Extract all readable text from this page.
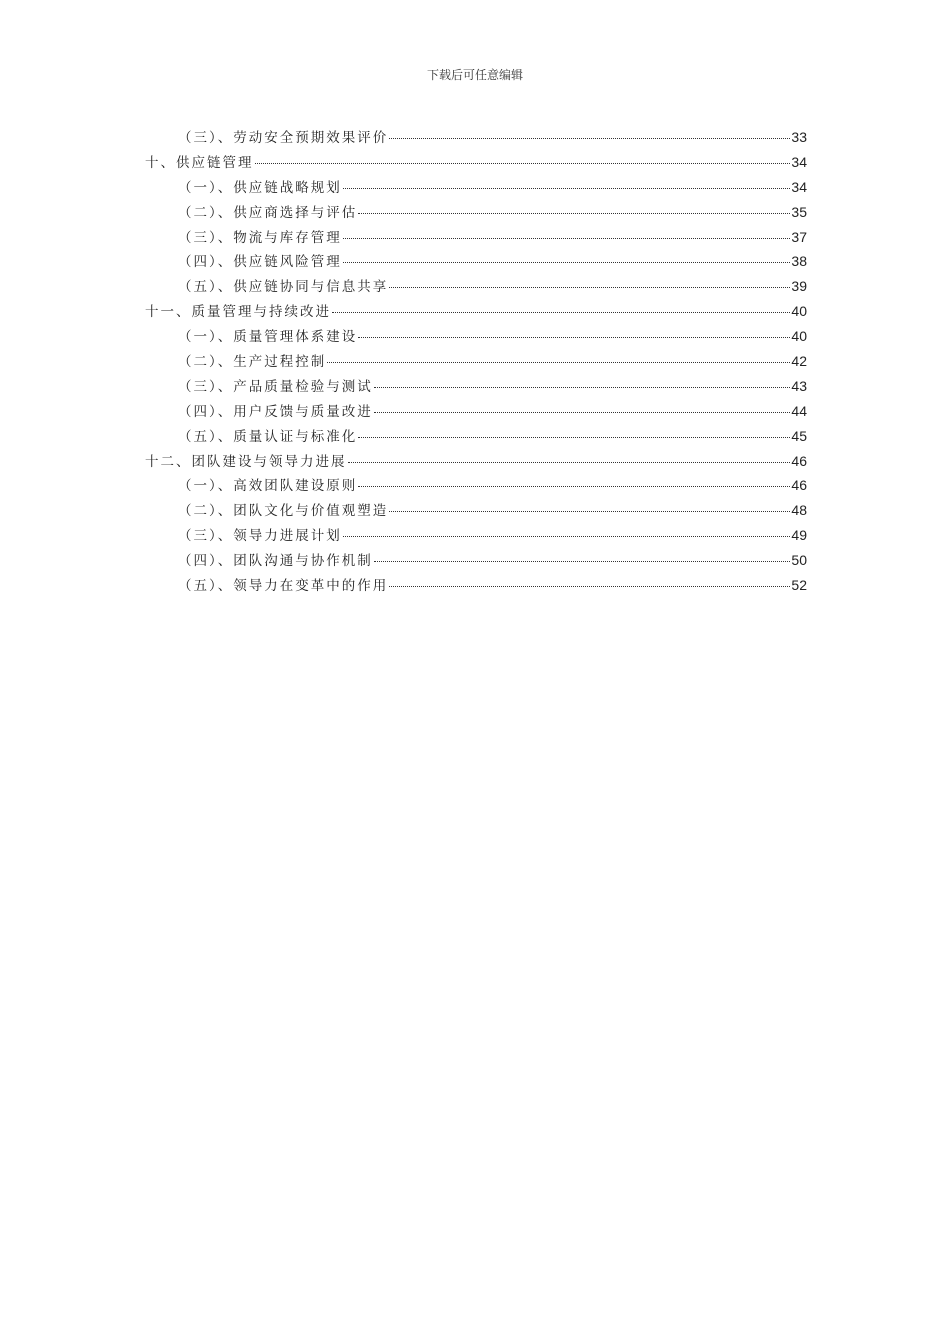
下载后可任意编辑
（三）、劳动安全预期效果评价	33
十、供应链管理	34
（一）、供应链战略规划	34
（二）、供应商选择与评估	35
（三）、物流与库存管理	37
（四）、供应链风险管理	38
（五）、供应链协同与信息共享	39
十一、质量管理与持续改进	40
（一）、质量管理体系建设	40
（二）、生产过程控制	42
（三）、产品质量检验与测试	43
（四）、用户反馈与质量改进	44
（五）、质量认证与标准化	45
十二、团队建设与领导力进展	46
（一）、高效团队建设原则	46
（二）、团队文化与价值观塑造	48
（三）、领导力进展计划	49
（四）、团队沟通与协作机制	50
（五）、领导力在变革中的作用	52
